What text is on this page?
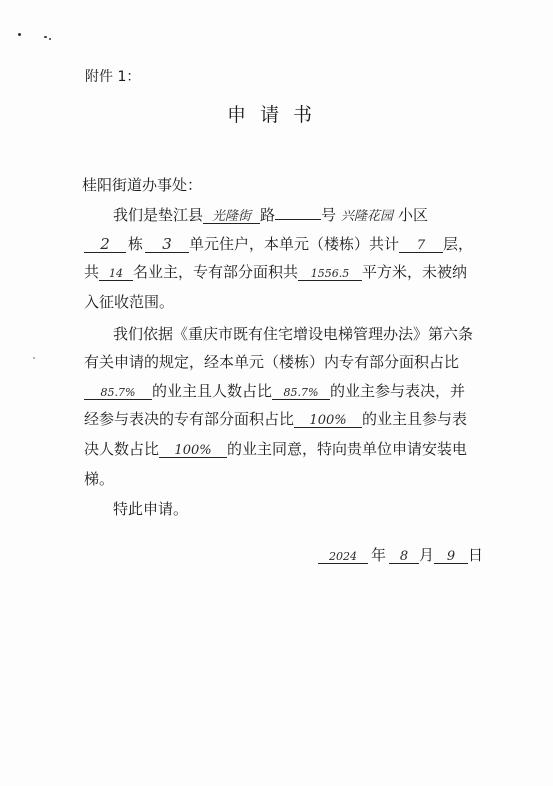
附件 1：
申请书
桂阳街道办事处：
我们是垫江县 光隆街 路	号 兴隆花园 小区
2 栋 3 单元住户，本单元（楼栋）共计 7 层，
共 14 名业主，专有部分面积共 1556.5 平方米，未被纳
入征收范围。
我们依据《重庆市既有住宅增设电梯管理办法》第六条
有关申请的规定，经本单元（楼栋）内专有部分面积占比
85.7% 的业主且人数占比 85.7% 的业主参与表决，并
经参与表决的专有部分面积占比 100% 的业主且参与表
决人数占比 100% 的业主同意，特向贵单位申请安装电
梯。
特此申请。
2024 年 8 月 9 日
